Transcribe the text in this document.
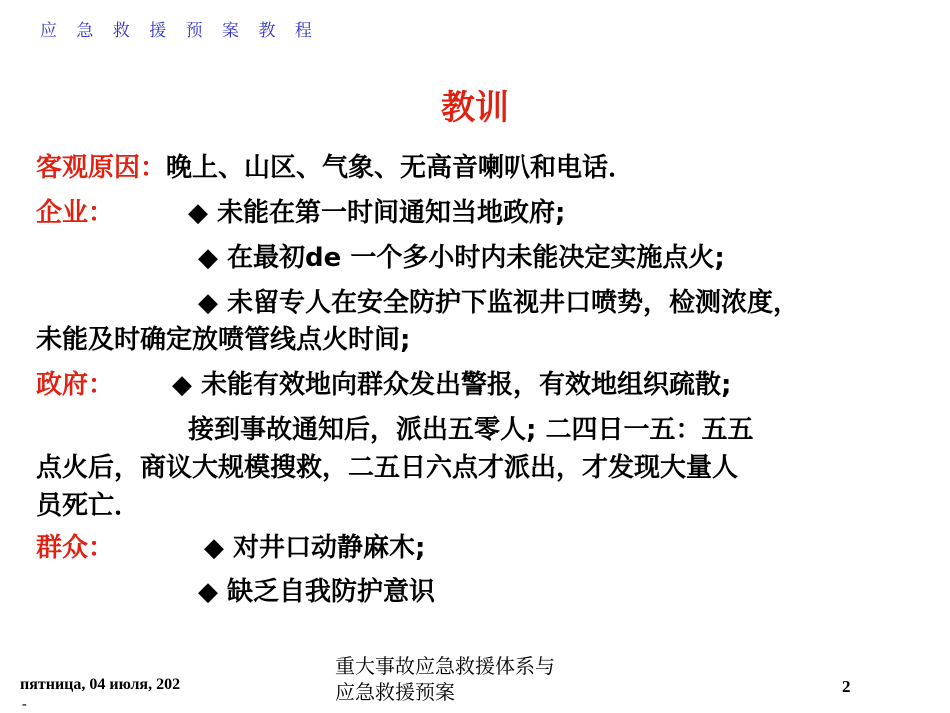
应 急 救 援 预 案 教 程
教训
客观原因：晚上、山区、气象、无高音喇叭和电话．
企业：	◆ 未能在第一时间通知当地政府;
◆ 在最初de 一个多小时内未能决定实施点火;
◆ 未留专人在安全防护下监视井口喷势，检测浓度，
未能及时确定放喷管线点火时间;
政府： ◆ 未能有效地向群众发出警报，有效地组织疏散;
接到事故通知后，派出五零人; 二四日一五：五五
点火后，商议大规模搜救，二五日六点才派出，才发现大量人
员死亡．
群众：	◆ 对井口动静麻木;
◆ 缺乏自我防护意识
пятница, 04 июля, 202
-
重大事故应急救援体系与
应急救援预案	2
